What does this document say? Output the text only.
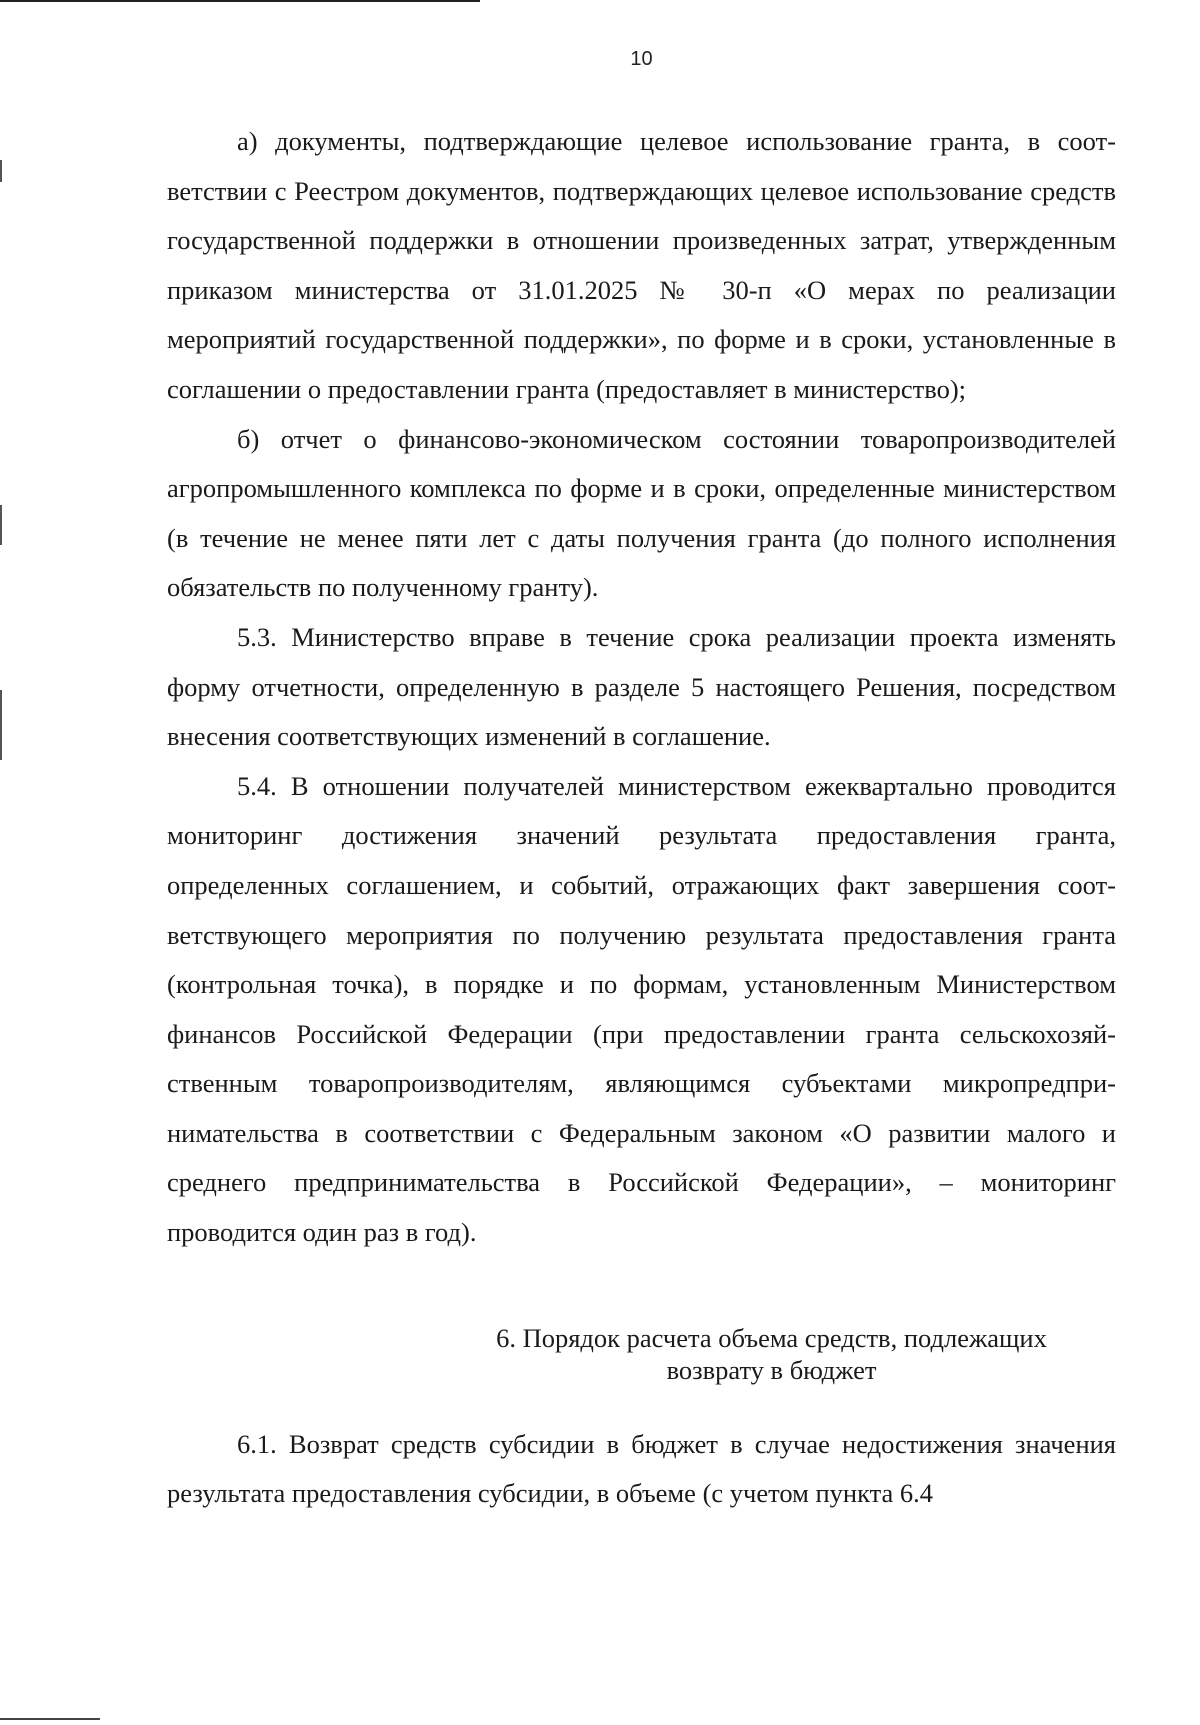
10

а) документы, подтверждающие целевое использование гранта, в соответствии с Реестром документов, подтверждающих целевое использование средств государственной поддержки в отношении произведенных затрат, утвержденным приказом министерства от 31.01.2025 № 30-п «О мерах по реализации мероприятий государственной поддержки», по форме и в сроки, установленные в соглашении о предоставлении гранта (предоставляет в министерство);

б) отчет о финансово-экономическом состоянии товаропроизводителей агропромышленного комплекса по форме и в сроки, определенные министерством (в течение не менее пяти лет с даты получения гранта (до полного исполнения обязательств по полученному гранту).

5.3. Министерство вправе в течение срока реализации проекта изменять форму отчетности, определенную в разделе 5 настоящего Решения, посредством внесения соответствующих изменений в соглашение.

5.4. В отношении получателей министерством ежеквартально проводится мониторинг достижения значений результата предоставления гранта, определенных соглашением, и событий, отражающих факт завершения соответствующего мероприятия по получению результата предоставления гранта (контрольная точка), в порядке и по формам, установленным Министерством финансов Российской Федерации (при предоставлении гранта сельскохозяйственным товаропроизводителям, являющимся субъектами микропредпринимательства в соответствии с Федеральным законом «О развитии малого и среднего предпринимательства в Российской Федерации», – мониторинг проводится один раз в год).

6. Порядок расчета объема средств, подлежащих
возврату в бюджет

6.1. Возврат средств субсидии в бюджет в случае недостижения значения результата предоставления субсидии, в объеме (с учетом пункта 6.4
